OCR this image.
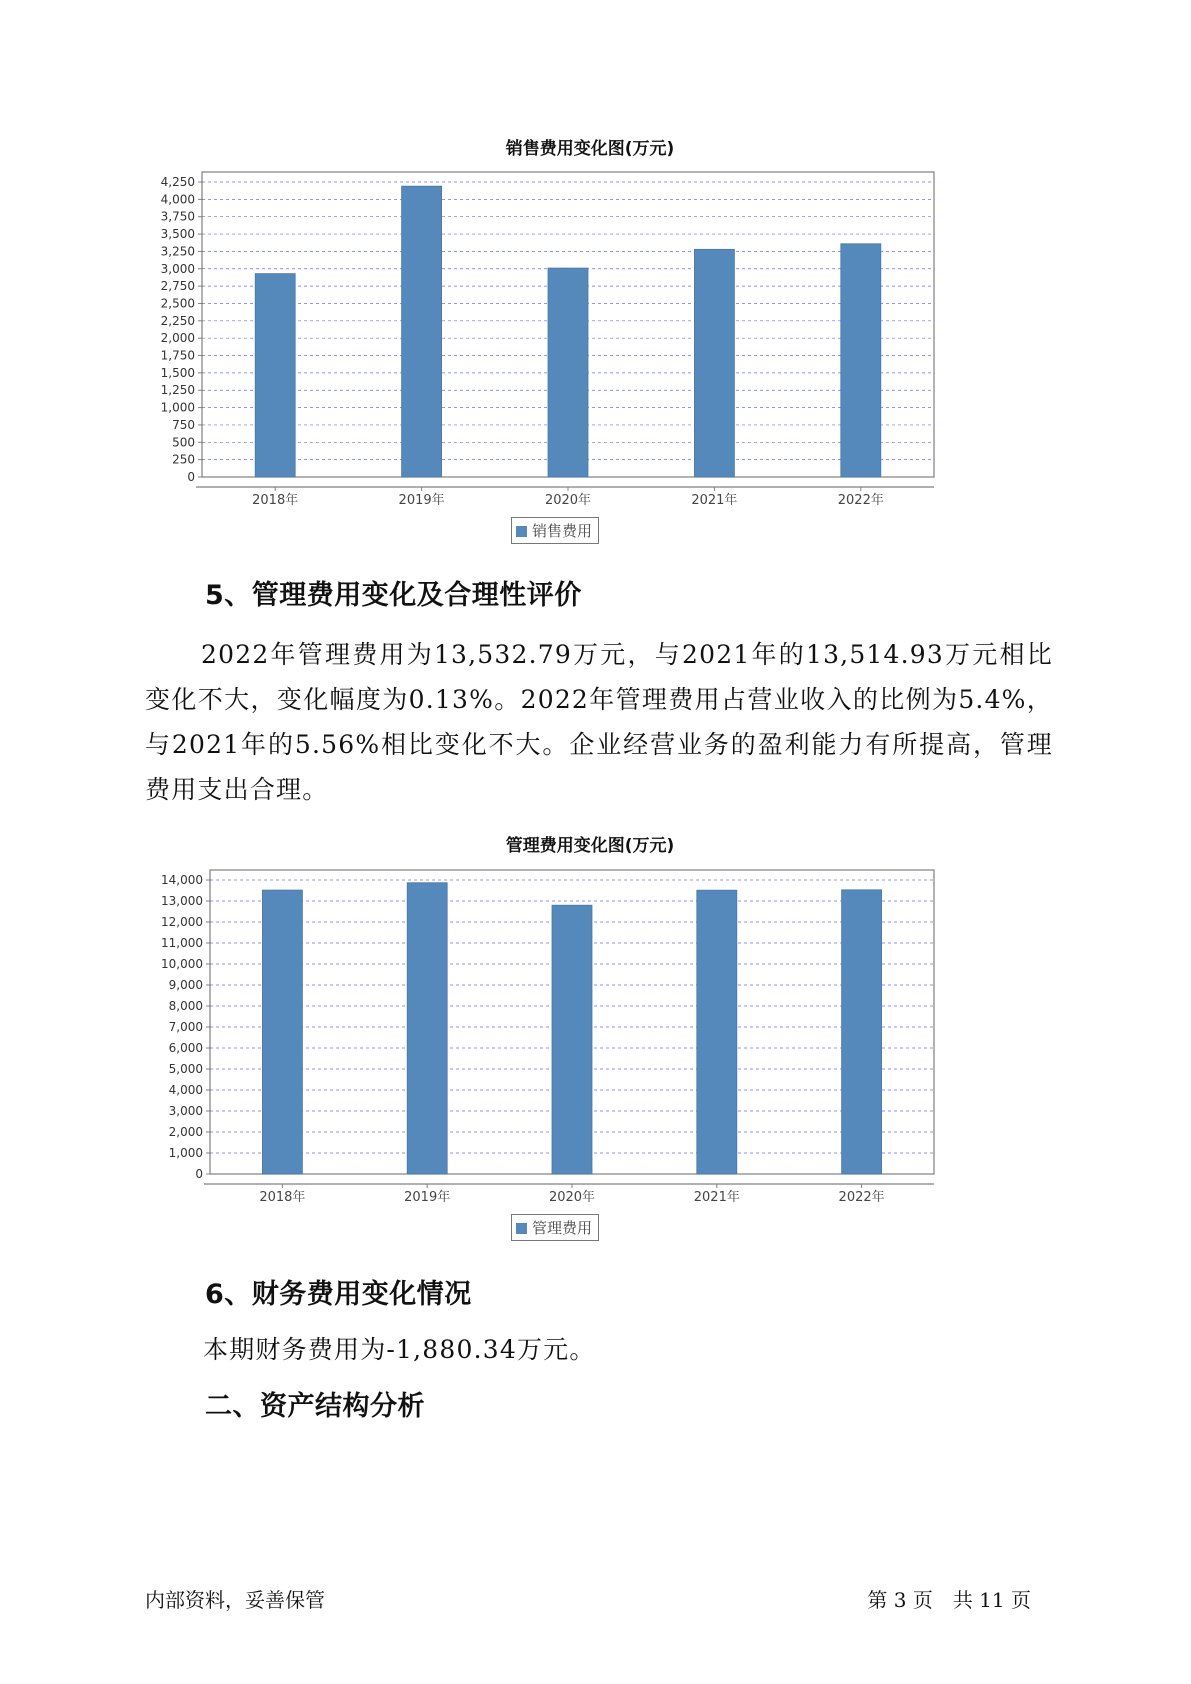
销售费用变化图(万元)
0
250
500
750
1,000
1,250
1,500
1,750
2,000
2,250
2,500
2,750
3,000
3,250
3,500
3,750
4,000
4,250
2018年	2019年	2020年	2021年	2022年
销售费用
5、管理费用变化及合理性评价

2022年管理费用为13,532.79万元，与2021年的13,514.93万元相比变化不大，变化幅度为0.13%。2022年管理费用占营业收入的比例为5.4%，与2021年的5.56%相比变化不大。企业经营业务的盈利能力有所提高，管理费用支出合理。

管理费用变化图(万元)
0
1,000
2,000
3,000
4,000
5,000
6,000
7,000
8,000
9,000
10,000
11,000
12,000
13,000
14,000
2018年	2019年	2020年	2021年	2022年
管理费用
6、财务费用变化情况
本期财务费用为-1,880.34万元。
二、资产结构分析
内部资料，妥善保管	第 3 页　共 11 页
